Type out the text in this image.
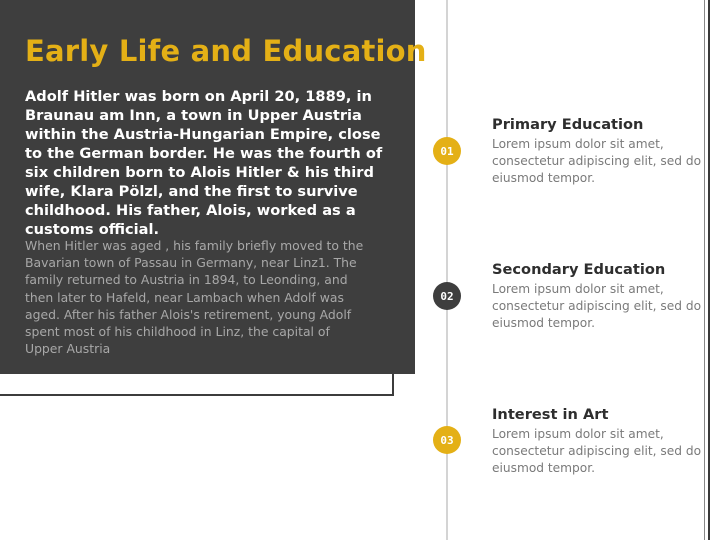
Early Life and Education

Adolf Hitler was born on April 20, 1889, in Braunau am Inn, a town in Upper Austria within the Austria-Hungarian Empire, close to the German border. He was the fourth of six children born to Alois Hitler & his third wife, Klara Pölzl, and the first to survive childhood. His father, Alois, worked as a customs official.

When Hitler was aged , his family briefly moved to the Bavarian town of Passau in Germany, near Linz1. The family returned to Austria in 1894, to Leonding, and then later to Hafeld, near Lambach when Adolf was aged. After his father Alois's retirement, young Adolf spent most of his childhood in Linz, the capital of Upper Austria

01
Primary Education

Lorem ipsum dolor sit amet, consectetur adipiscing elit, sed do eiusmod tempor.

02
Secondary Education

Lorem ipsum dolor sit amet, consectetur adipiscing elit, sed do eiusmod tempor.

03
Interest in Art

Lorem ipsum dolor sit amet, consectetur adipiscing elit, sed do eiusmod tempor.
